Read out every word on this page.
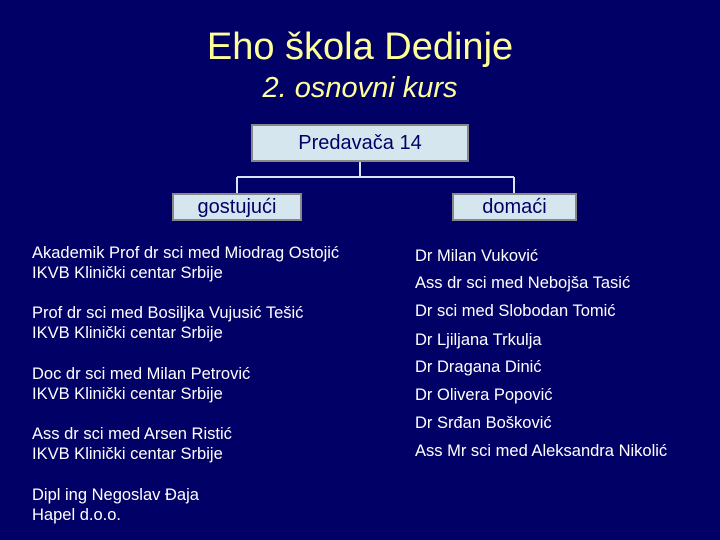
Eho škola Dedinje
2. osnovni kurs
Predavača 14
gostujući	domaći
Akademik Prof dr sci med Miodrag Ostojić
IKVB Klinički centar Srbije
Prof dr sci med Bosiljka Vujusić Tešić
IKVB Klinički centar Srbije
Doc dr sci med Milan Petrović
IKVB Klinički centar Srbije
Ass dr sci med Arsen Ristić
IKVB Klinički centar Srbije
Dipl ing Negoslav Đaja
Hapel d.o.o.
Dr Milan Vuković
Ass dr sci med Nebojša Tasić
Dr sci med Slobodan Tomić
Dr Ljiljana Trkulja
Dr Dragana Dinić
Dr Olivera Popović
Dr Srđan Bošković
Ass Mr sci med Aleksandra Nikolić
